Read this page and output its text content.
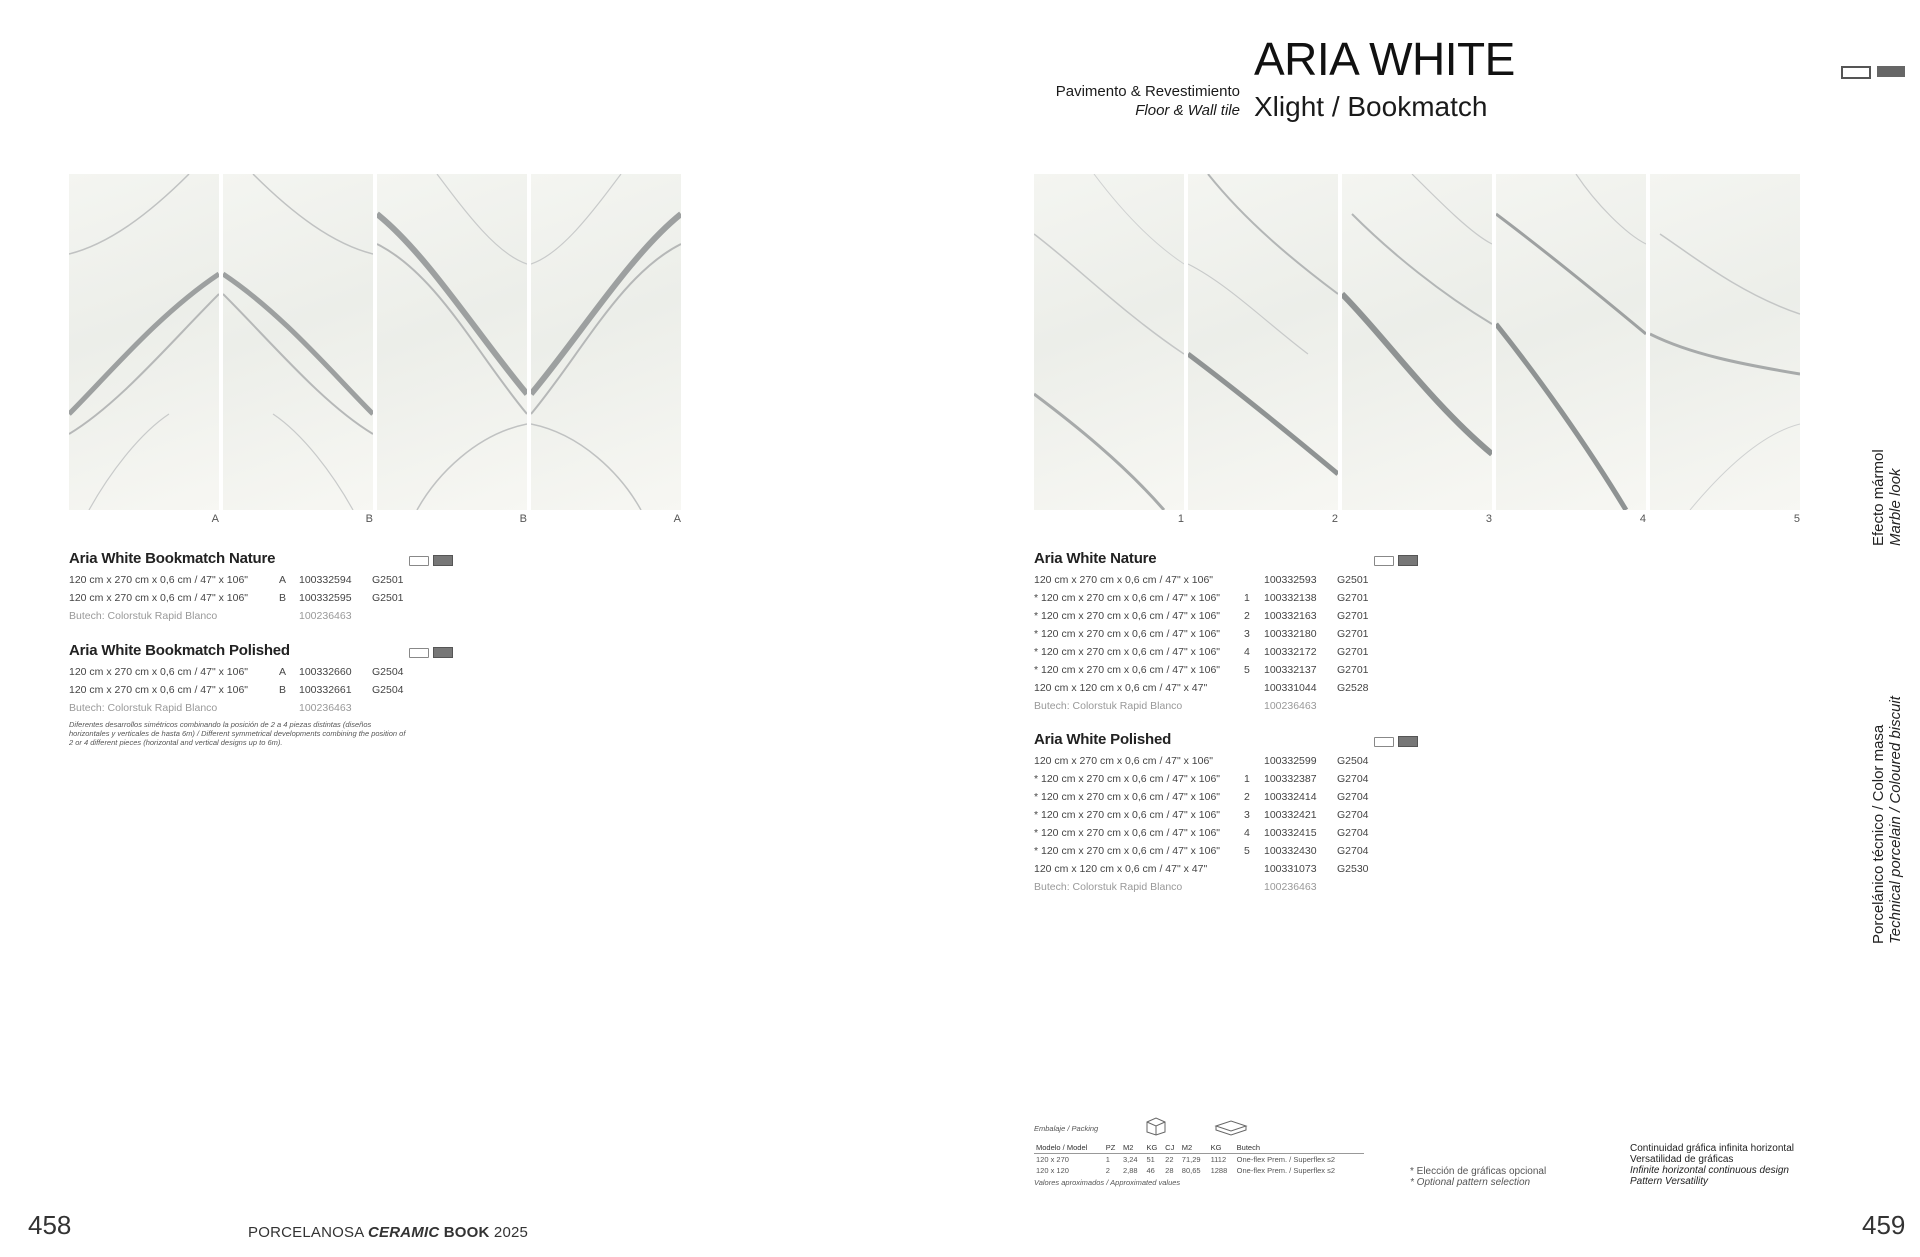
Pavimento & Revestimiento
Floor & Wall tile
ARIA WHITE
Xlight / Bookmatch
A	B	B	A	1	2	3	4	5
Aria White Bookmatch Nature
120 cm x 270 cm x 0,6 cm / 47" x 106"	A	100332594	G2501
120 cm x 270 cm x 0,6 cm / 47" x 106"	B	100332595	G2501
Butech: Colorstuk Rapid Blanco	100236463
Aria White Bookmatch Polished
120 cm x 270 cm x 0,6 cm / 47" x 106"	A	100332660	G2504
120 cm x 270 cm x 0,6 cm / 47" x 106"	B	100332661	G2504
Butech: Colorstuk Rapid Blanco	100236463
Diferentes desarrollos simétricos combinando la posición de 2 a 4 piezas distintas (diseños horizontales y verticales de hasta 6m) / Different symmetrical developments combining the position of 2 or 4 different pieces (horizontal and vertical designs up to 6m).
Aria White Nature
120 cm x 270 cm x 0,6 cm / 47" x 106"	100332593	G2501
* 120 cm x 270 cm x 0,6 cm / 47" x 106"	1	100332138	G2701
* 120 cm x 270 cm x 0,6 cm / 47" x 106"	2	100332163	G2701
* 120 cm x 270 cm x 0,6 cm / 47" x 106"	3	100332180	G2701
* 120 cm x 270 cm x 0,6 cm / 47" x 106"	4	100332172	G2701
* 120 cm x 270 cm x 0,6 cm / 47" x 106"	5	100332137	G2701
120 cm x 120 cm x 0,6 cm / 47" x 47"	100331044	G2528
Butech: Colorstuk Rapid Blanco	100236463
Aria White Polished
120 cm x 270 cm x 0,6 cm / 47" x 106"	100332599	G2504
* 120 cm x 270 cm x 0,6 cm / 47" x 106"	1	100332387	G2704
* 120 cm x 270 cm x 0,6 cm / 47" x 106"	2	100332414	G2704
* 120 cm x 270 cm x 0,6 cm / 47" x 106"	3	100332421	G2704
* 120 cm x 270 cm x 0,6 cm / 47" x 106"	4	100332415	G2704
* 120 cm x 270 cm x 0,6 cm / 47" x 106"	5	100332430	G2704
120 cm x 120 cm x 0,6 cm / 47" x 47"	100331073	G2530
Butech: Colorstuk Rapid Blanco	100236463
Efecto mármol Marble look
Porcelánico técnico / Color masa Technical porcelain / Coloured biscuit
Embalaje / Packing
Modelo / Model	PZ	M2	KG	CJ	M2	KG	Butech
120 x 270	1	3,24	51	22	71,29	1112	One-flex Prem. / Superflex s2
120 x 120	2	2,88	46	28	80,65	1288	One-flex Prem. / Superflex s2
Valores aproximados / Approximated values
* Elección de gráficas opcional
* Optional pattern selection
Continuidad gráfica infinita horizontal
Versatilidad de gráficas
Infinite horizontal continuous design
Pattern Versatility
458	459
PORCELANOSA CERAMIC BOOK 2025
